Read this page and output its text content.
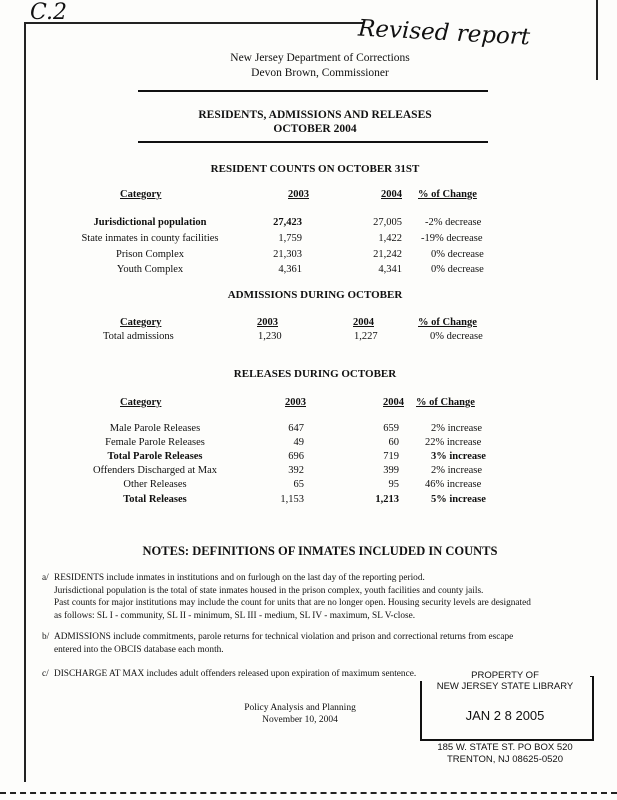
C.2
Revised report
New Jersey Department of Corrections
Devon Brown, Commissioner
RESIDENTS, ADMISSIONS AND RELEASES
OCTOBER 2004
RESIDENT COUNTS ON OCTOBER 31ST
Category	2003	2004 % of Change
Jurisdictional population	27,423	27,005 -2% decrease
State inmates in county facilities	1,759	1,422 -19% decrease
Prison Complex	21,303	21,242	0% decrease
Youth Complex	4,361	4,341	0% decrease
ADMISSIONS DURING OCTOBER
Category	2003	2004	% of Change
Total admissions	1,230	1,227	0% decrease
RELEASES DURING OCTOBER
Category	2003	2004 % of Change
Male Parole Releases	647	659	2% increase
Female Parole Releases	49	60 22% increase
Total Parole Releases	696	719	3% increase
Offenders Discharged at Max	392	399	2% increase
Other Releases	65	95 46% increase
Total Releases	1,153	1,213	5% increase
NOTES: DEFINITIONS OF INMATES INCLUDED IN COUNTS
a/ RESIDENTS include inmates in institutions and on furlough on the last day of the reporting period.
Jurisdictional population is the total of state inmates housed in the prison complex, youth facilities and county jails.
Past counts for major institutions may include the count for units that are no longer open. Housing security levels are designated
as follows: SL I - community, SL II - minimum, SL III - medium, SL IV - maximum, SL V-close.
b/ ADMISSIONS include commitments, parole returns for technical violation and prison and correctional returns from escape
entered into the OBCIS database each month.
c/ DISCHARGE AT MAX includes adult offenders released upon expiration of maximum sentence.
Policy Analysis and Planning
November 10, 2004
PROPERTY OF
NEW JERSEY STATE LIBRARY
JAN 2 8 2005
185 W. STATE ST. PO BOX 520
TRENTON, NJ 08625-0520
